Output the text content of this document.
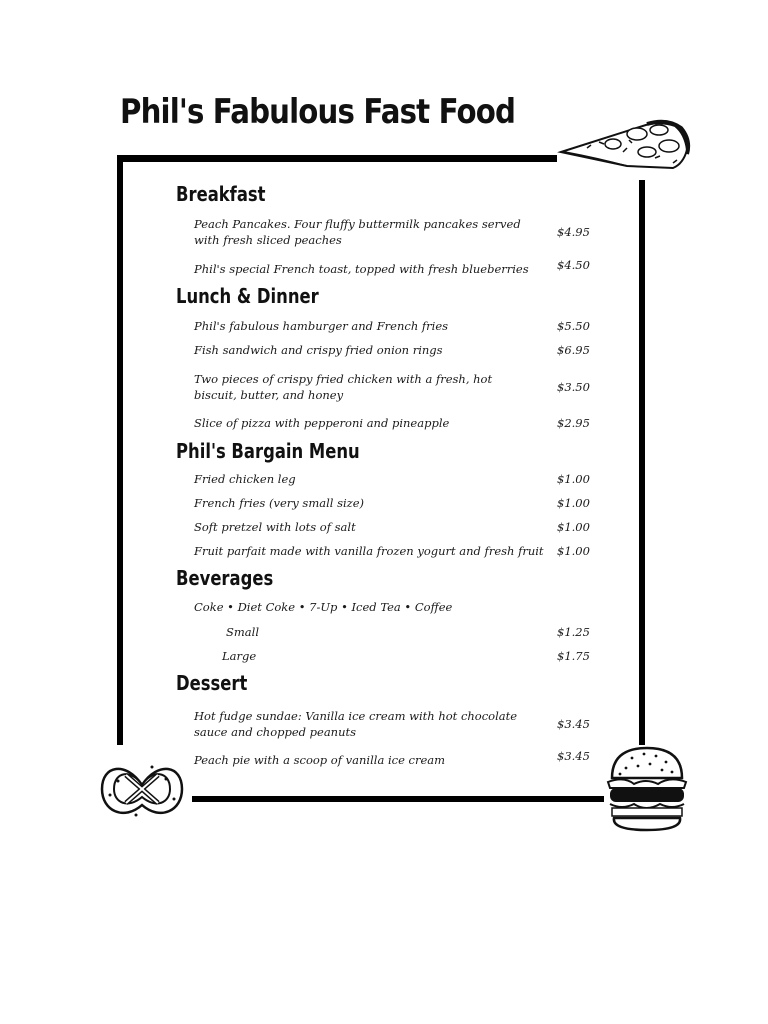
Phil's Fabulous Fast Food
Breakfast
Peach Pancakes. Four fluffy buttermilk pancakes served with fresh sliced peaches
$4.95
Phil's special French toast, topped with fresh blueberries	$4.50
Lunch & Dinner
Phil's fabulous hamburger and French fries	$5.50
Fish sandwich and crispy fried onion rings	$6.95
Two pieces of crispy fried chicken with a fresh, hot biscuit, butter, and honey
$3.50
Slice of pizza with pepperoni and pineapple	$2.95
Phil's Bargain Menu
Fried chicken leg	$1.00
French fries (very small size)	$1.00
Soft pretzel with lots of salt	$1.00
Fruit parfait made with vanilla frozen yogurt and fresh fruit $1.00
Beverages
Coke • Diet Coke • 7-Up • Iced Tea • Coffee
Small	$1.25
Large	$1.75
Dessert
Hot fudge sundae: Vanilla ice cream with hot chocolate sauce and chopped peanuts
$3.45
Peach pie with a scoop of vanilla ice cream	$3.45
